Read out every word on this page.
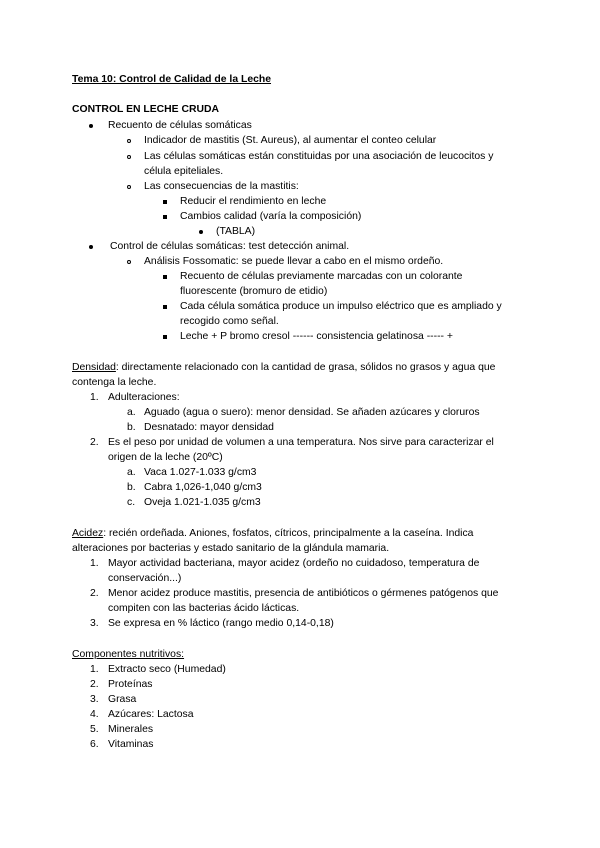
Tema 10: Control de Calidad de la Leche
CONTROL EN LECHE CRUDA
Recuento de células somáticas
Indicador de mastitis (St. Aureus), al aumentar el conteo celular
Las células somáticas están constituidas por una asociación de leucocitos y
célula epiteliales.
Las consecuencias de la mastitis:
Reducir el rendimiento en leche
Cambios calidad (varía la composición)
(TABLA)
Control de células somáticas: test detección animal.
Análisis Fossomatic: se puede llevar a cabo en el mismo ordeño.
Recuento de células previamente marcadas con un colorante
fluorescente (bromuro de etidio)
Cada célula somática produce un impulso eléctrico que es ampliado y
recogido como señal.
Leche + P bromo cresol ------ consistencia gelatinosa ----- +
Densidad: directamente relacionado con la cantidad de grasa, sólidos no grasos y agua que
contenga la leche.
1. Adulteraciones:
a. Aguado (agua o suero): menor densidad. Se añaden azúcares y cloruros
b. Desnatado: mayor densidad
2. Es el peso por unidad de volumen a una temperatura. Nos sirve para caracterizar el
origen de la leche (20ºC)
a. Vaca 1.027-1.033 g/cm3
b. Cabra 1,026-1,040 g/cm3
c. Oveja 1.021-1.035 g/cm3
Acidez: recién ordeñada. Aniones, fosfatos, cítricos, principalmente a la caseína. Indica
alteraciones por bacterias y estado sanitario de la glándula mamaria.
1. Mayor actividad bacteriana, mayor acidez (ordeño no cuidadoso, temperatura de
conservación...)
2. Menor acidez produce mastitis, presencia de antibióticos o gérmenes patógenos que
compiten con las bacterias ácido lácticas.
3. Se expresa en % láctico (rango medio 0,14-0,18)
Componentes nutritivos:
1. Extracto seco (Humedad)
2. Proteínas
3. Grasa
4. Azúcares: Lactosa
5. Minerales
6. Vitaminas
